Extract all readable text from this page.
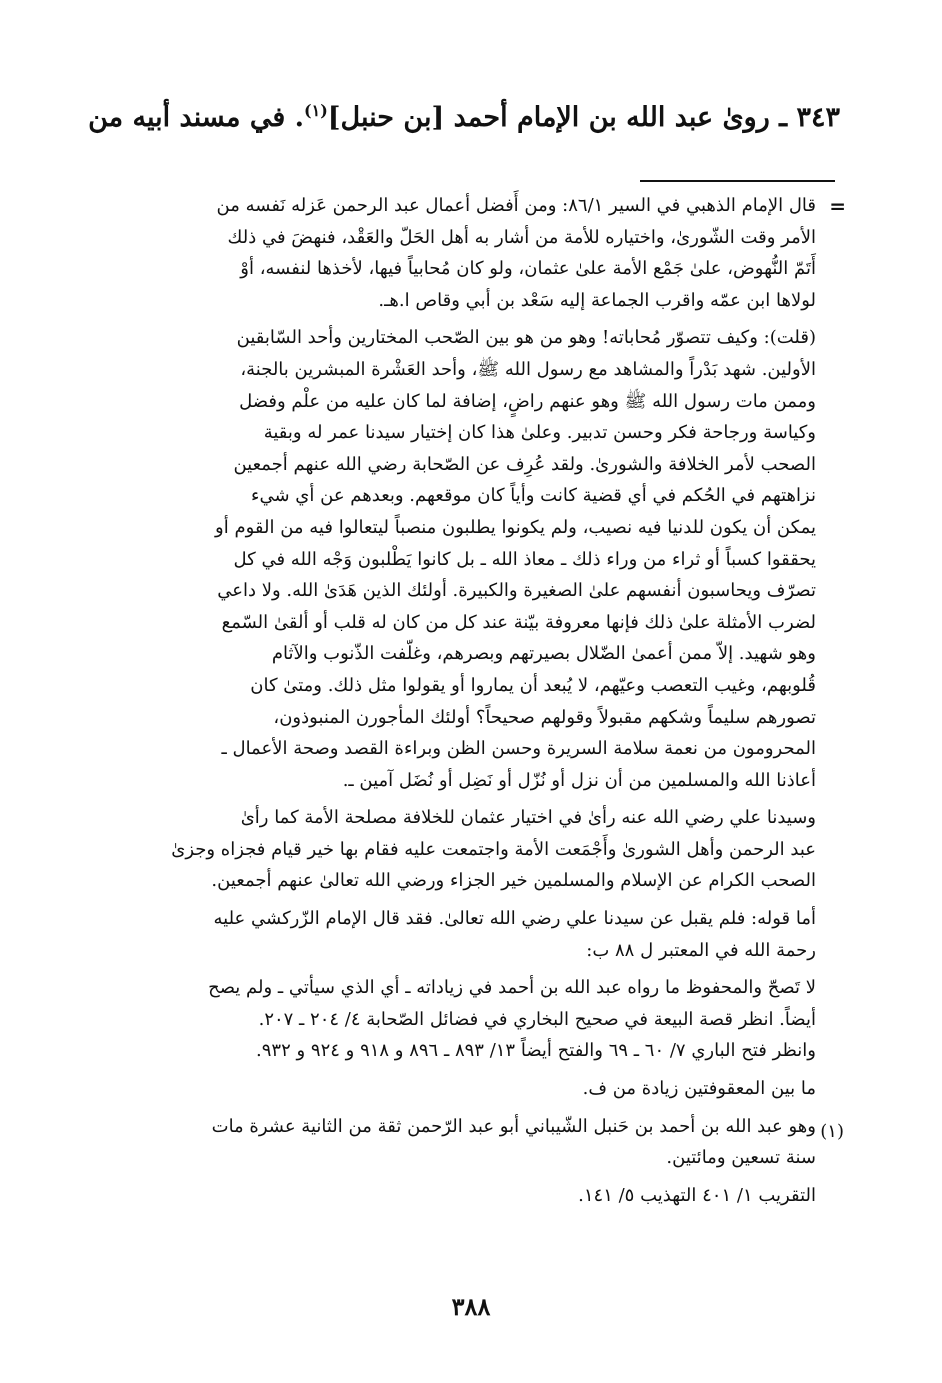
٣٤٣ ـ روىٰ عبد الله بن الإمام أحمد [بن حنبل]$^{(١)}$. في مسند أبيه من
=
(١)

قال الإمام الذهبي في السير ٨٦/١: ومن أَفضل أعمال عبد الرحمن عَزله نَفسه من

الأمر وقت الشّورىٰ، واختياره للأمة من أشار به أهل الحَلّ والعَقْد، فنهضَ في ذلك

أَتَمّ النُّهوض، علىٰ جَمْع الأمة علىٰ عثمان، ولو كان مُحابياً فيها، لأخذها لنفسه، أوْ

لولاها ابن عمّه واقرب الجماعة إليه سَعْد بن أبي وقاص ا.هـ.

(قلت): وكيف تتصوّر مُحاباته! وهو من هو بين الصّحب المختارين وأحد السّابقين

الأولين. شهد بَدْراً والمشاهد مع رسول الله ﷺ، وأحد العَشْرة المبشرين بالجنة،

وممن مات رسول الله ﷺ وهو عنهم راضٍ، إضافة لما كان عليه من علْم وفضل

وكياسة ورجاحة فكر وحسن تدبير. وعلىٰ هذا كان إختيار سيدنا عمر له وبقية

الصحب لأمر الخلافة والشورىٰ. ولقد عُرِف عن الصّحابة رضي الله عنهم أجمعين

نزاهتهم في الحُكم في أي قضية كانت وأياً كان موقعهم. وبعدهم عن أي شيء

يمكن أن يكون للدنيا فيه نصيب، ولم يكونوا يطلبون منصباً ليتعالوا فيه من القوم أو

يحققوا كسباً أو ثراء من وراء ذلك ـ معاذ الله ـ بل كانوا يَطْلبون وَجْه الله في كل

تصرّف ويحاسبون أنفسهم علىٰ الصغيرة والكبيرة. أولئك الذين هَدَىٰ الله. ولا داعي

لضرب الأمثلة علىٰ ذلك فإنها معروفة بيّنة عند كل من كان له قلب أو ألقىٰ السّمع

وهو شهيد. إلاّ ممن أعمىٰ الضّلال بصيرتهم وبصرهم، وغلّفت الذّنوب والآثام

قُلوبهم، وغيب التعصب وعيّهم، لا يُبعد أن يماروا أو يقولوا مثل ذلك. ومتىٰ كان

تصورهم سليماً وشكهم مقبولاً وقولهم صحيحاً؟ أولئك المأجورن المنبوذون،

المحرومون من نعمة سلامة السريرة وحسن الظن وبراءة القصد وصحة الأعمال ـ

أعاذنا الله والمسلمين من أن نزل أو نُزّل أو نَضِل أو نُضَل آمين ـ.

وسيدنا علي رضي الله عنه رأىٰ في اختيار عثمان للخلافة مصلحة الأمة كما رأىٰ

عبد الرحمن وأهل الشورىٰ وأَجْمَعت الأمة واجتمعت عليه فقام بها خير قيام فجزاه وجزىٰ

الصحب الكرام عن الإسلام والمسلمين خير الجزاء ورضي الله تعالىٰ عنهم أجمعين.

أما قوله: فلم يقبل عن سيدنا علي رضي الله تعالىٰ. فقد قال الإمام الزّركشي عليه

رحمة الله في المعتبر ل ٨٨ ب:

لا تَصحّ والمحفوظ ما رواه عبد الله بن أحمد في زياداته ـ أي الذي سيأتي ـ ولم يصح

أيضاً. انظر قصة البيعة في صحيح البخاري في فضائل الصّحابة ٤/ ٢٠٤ ـ ٢٠٧.

وانظر فتح الباري ٧/ ٦٠ ـ ٦٩ والفتح أيضاً ١٣/ ٨٩٣ ـ ٨٩٦ و ٩١٨ و ٩٢٤ و ٩٣٢.

ما بين المعقوفتين زيادة من ف.

وهو عبد الله بن أحمد بن حَنبل الشّيباني أبو عبد الرّحمن ثقة من الثانية عشرة مات

سنة تسعين ومائتين.

التقريب ١/ ٤٠١ التهذيب ٥/ ١٤١.

٣٨٨
